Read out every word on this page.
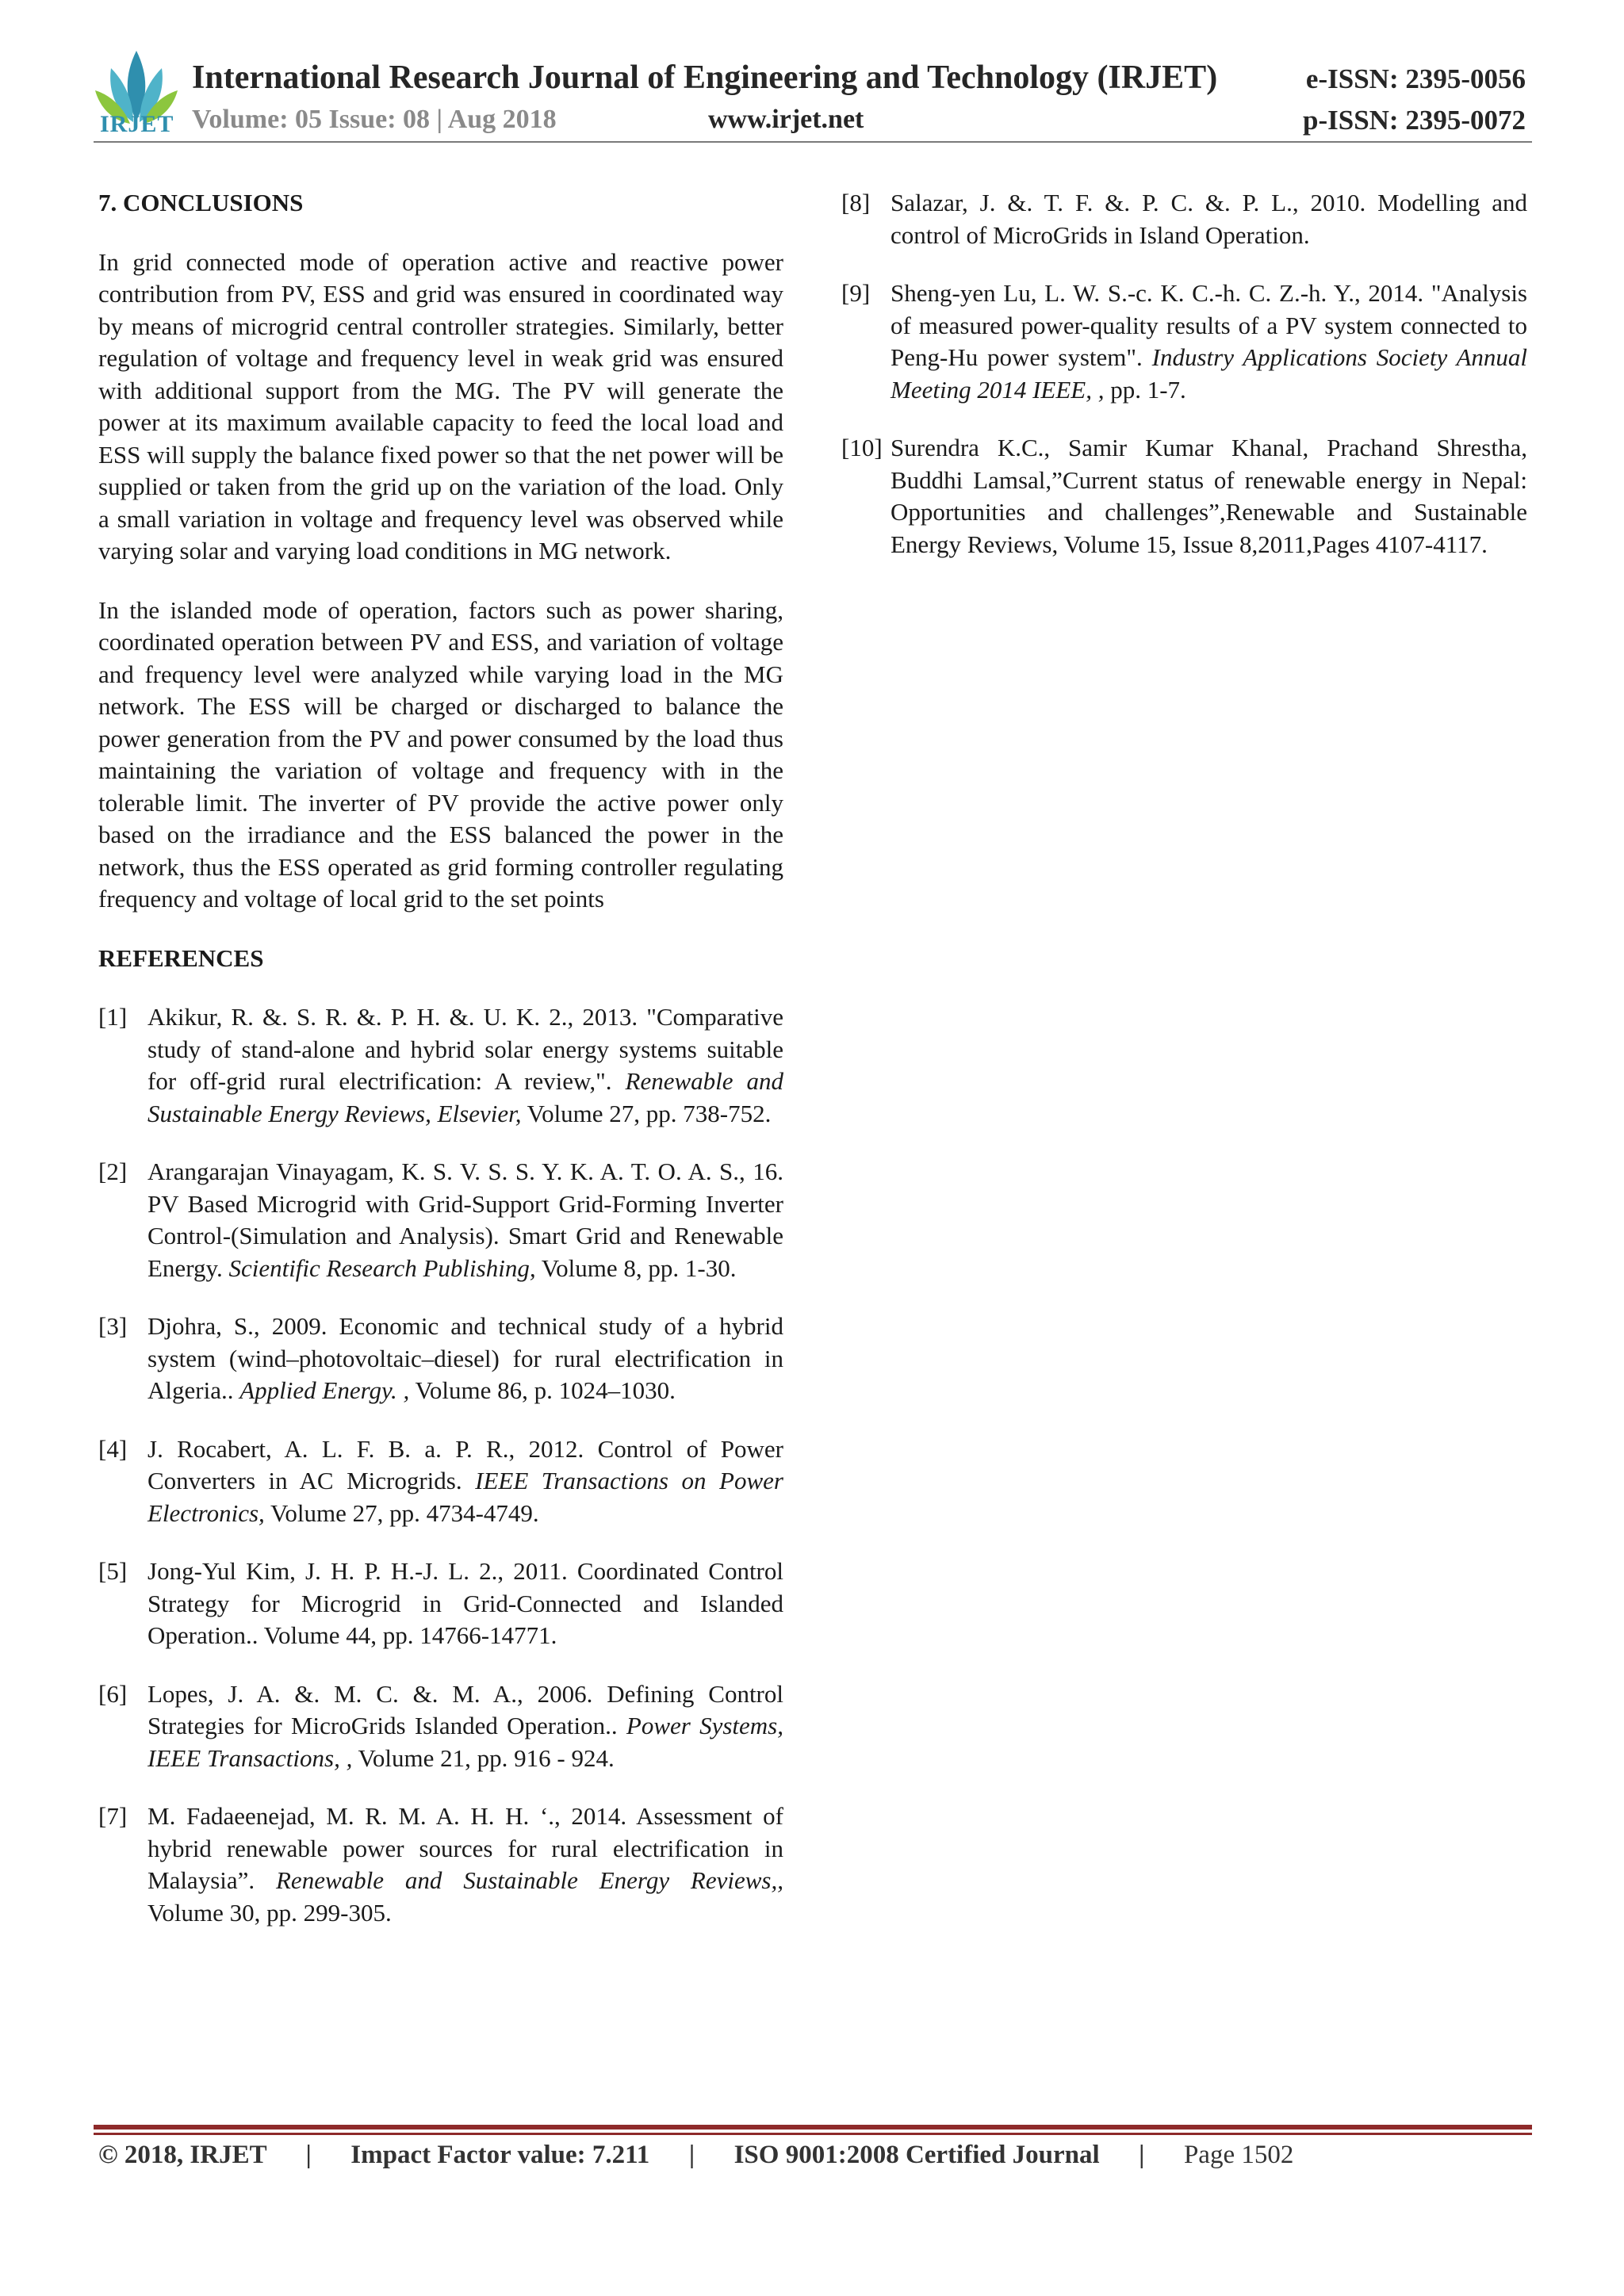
IRJET
International Research Journal of Engineering and Technology (IRJET)	e-ISSN: 2395-0056
Volume: 05 Issue: 08 | Aug 2018	www.irjet.net	p-ISSN: 2395-0072
7. CONCLUSIONS
In grid connected mode of operation active and reactive power contribution from PV, ESS and grid was ensured in coordinated way by means of microgrid central controller strategies. Similarly, better regulation of voltage and frequency level in weak grid was ensured with additional support from the MG. The PV will generate the power at its maximum available capacity to feed the local load and ESS will supply the balance fixed power so that the net power will be supplied or taken from the grid up on the variation of the load. Only a small variation in voltage and frequency level was observed while varying solar and varying load conditions in MG network.
In the islanded mode of operation, factors such as power sharing, coordinated operation between PV and ESS, and variation of voltage and frequency level were analyzed while varying load in the MG network. The ESS will be charged or discharged to balance the power generation from the PV and power consumed by the load thus maintaining the variation of voltage and frequency with in the tolerable limit. The inverter of PV provide the active power only based on the irradiance and the ESS balanced the power in the network, thus the ESS operated as grid forming controller regulating frequency and voltage of local grid to the set points
REFERENCES
[1] Akikur, R. &. S. R. &. P. H. &. U. K. 2., 2013. "Comparative study of stand-alone and hybrid solar energy systems suitable for off-grid rural electrification: A review,". Renewable and Sustainable Energy Reviews, Elsevier, Volume 27, pp. 738-752.
[2] Arangarajan Vinayagam, K. S. V. S. S. Y. K. A. T. O. A. S., 16. PV Based Microgrid with Grid-Support Grid-Forming Inverter Control-(Simulation and Analysis). Smart Grid and Renewable Energy. Scientific Research Publishing, Volume 8, pp. 1-30.
[3] Djohra, S., 2009. Economic and technical study of a hybrid system (wind–photovoltaic–diesel) for rural electrification in Algeria.. Applied Energy. , Volume 86, p. 1024–1030.
[4] J. Rocabert, A. L. F. B. a. P. R., 2012. Control of Power Converters in AC Microgrids. IEEE Transactions on Power Electronics, Volume 27, pp. 4734-4749.
[5] Jong-Yul Kim, J. H. P. H.-J. L. 2., 2011. Coordinated Control Strategy for Microgrid in Grid-Connected and Islanded Operation.. Volume 44, pp. 14766-14771.
[6] Lopes, J. A. &. M. C. &. M. A., 2006. Defining Control Strategies for MicroGrids Islanded Operation.. Power Systems, IEEE Transactions, , Volume 21, pp. 916 - 924.
[7] M. Fadaeenejad, M. R. M. A. H. H. ‘., 2014. Assessment of hybrid renewable power sources for rural electrification in Malaysia”. Renewable and Sustainable Energy Reviews,, Volume 30, pp. 299-305.
[8] Salazar, J. &. T. F. &. P. C. &. P. L., 2010. Modelling and control of MicroGrids in Island Operation.
[9] Sheng-yen Lu, L. W. S.-c. K. C.-h. C. Z.-h. Y., 2014. "Analysis of measured power-quality results of a PV system connected to Peng-Hu power system". Industry Applications Society Annual Meeting 2014 IEEE, , pp. 1-7.
[10] Surendra K.C., Samir Kumar Khanal, Prachand Shrestha, Buddhi Lamsal,”Current status of renewable energy in Nepal: Opportunities and challenges”,Renewable and Sustainable Energy Reviews, Volume 15, Issue 8,2011,Pages 4107-4117.
© 2018, IRJET | Impact Factor value: 7.211 | ISO 9001:2008 Certified Journal | Page 1502
